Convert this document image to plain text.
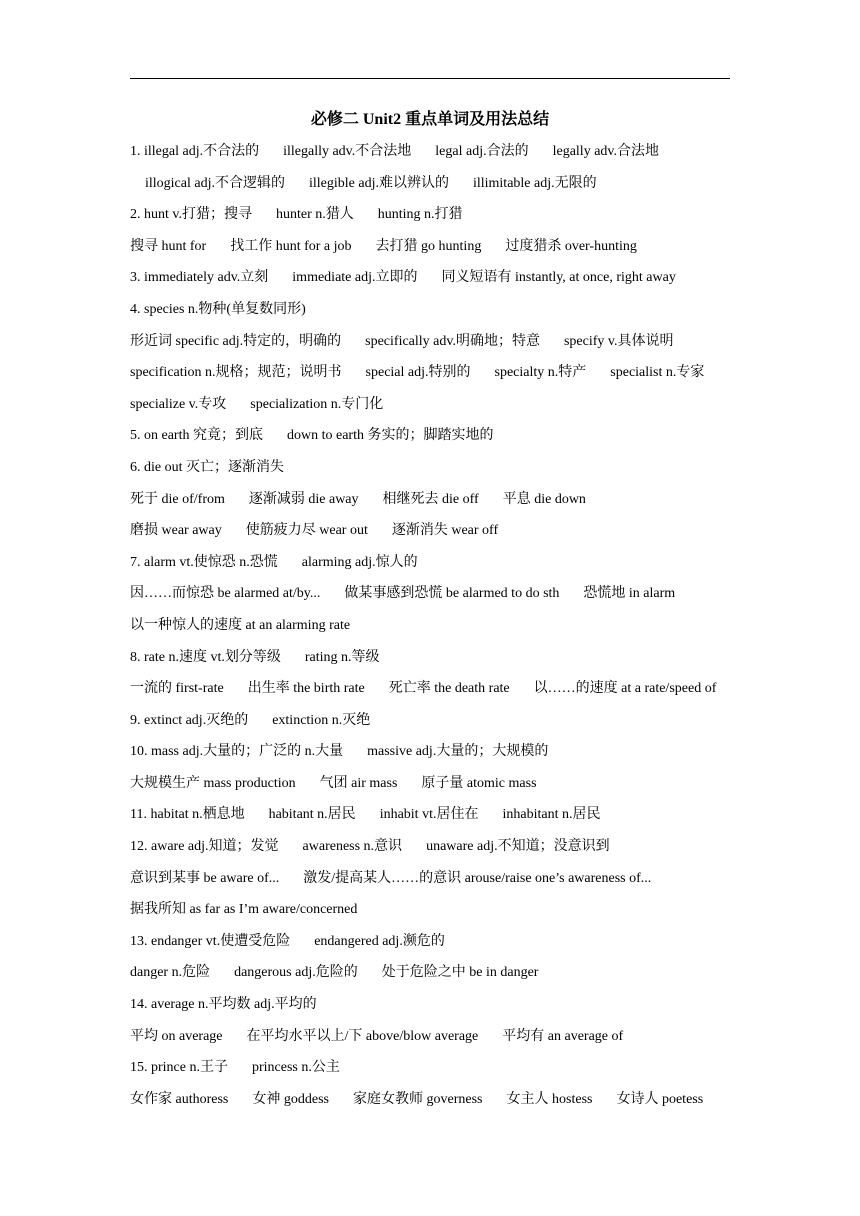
必修二 Unit2 重点单词及用法总结
1. illegal adj.不合法的 illegally adv.不合法地 legal adj.合法的 legally adv.合法地
illogical adj.不合逻辑的 illegible adj.难以辨认的 illimitable adj.无限的
2. hunt v.打猎；搜寻 hunter n.猎人 hunting n.打猎
搜寻 hunt for 找工作 hunt for a job 去打猎 go hunting 过度猎杀 over-hunting
3. immediately adv.立刻 immediate adj.立即的 同义短语有 instantly, at once, right away
4. species n.物种(单复数同形)
形近词 specific adj.特定的，明确的 specifically adv.明确地；特意 specify v.具体说明
specification n.规格；规范；说明书 special adj.特别的 specialty n.特产 specialist n.专家
specialize v.专攻 specialization n.专门化
5. on earth 究竟；到底 down to earth 务实的；脚踏实地的
6. die out 灭亡；逐渐消失
死于 die of/from 逐渐减弱 die away 相继死去 die off 平息 die down
磨损 wear away 使筋疲力尽 wear out 逐渐消失 wear off
7. alarm vt.使惊恐 n.恐慌 alarming adj.惊人的
因……而惊恐 be alarmed at/by... 做某事感到恐慌 be alarmed to do sth 恐慌地 in alarm
以一种惊人的速度 at an alarming rate
8. rate n.速度 vt.划分等级 rating n.等级
一流的 first-rate 出生率 the birth rate 死亡率 the death rate 以……的速度 at a rate/speed of
9. extinct adj.灭绝的 extinction n.灭绝
10. mass adj.大量的；广泛的 n.大量 massive adj.大量的；大规模的
大规模生产 mass production 气团 air mass 原子量 atomic mass
11. habitat n.栖息地 habitant n.居民 inhabit vt.居住在 inhabitant n.居民
12. aware adj.知道；发觉 awareness n.意识 unaware adj.不知道；没意识到
意识到某事 be aware of... 激发/提高某人……的意识 arouse/raise one’s awareness of...
据我所知 as far as I’m aware/concerned
13. endanger vt.使遭受危险 endangered adj.濒危的
danger n.危险 dangerous adj.危险的 处于危险之中 be in danger
14. average n.平均数 adj.平均的
平均 on average 在平均水平以上/下 above/blow average 平均有 an average of
15. prince n.王子 princess n.公主
女作家 authoress 女神 goddess 家庭女教师 governess 女主人 hostess 女诗人 poetess
